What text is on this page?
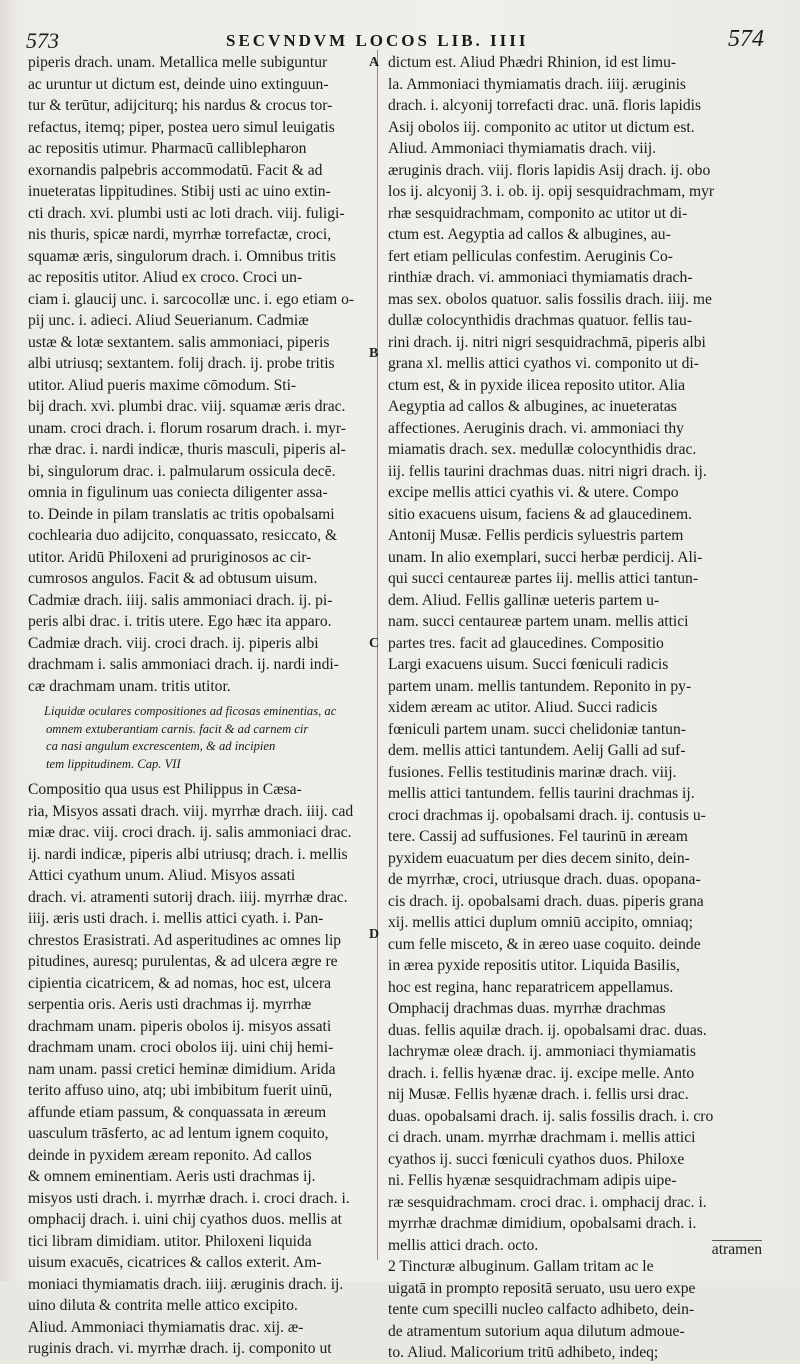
573	SECVNDVM LOCOS LIB. IIII	574
A
B
C
D
piperis drach. unam. Metallica melle subiguntur
ac uruntur ut dictum est, deinde uino extinguun-
tur & terūtur, adijciturq; his nardus & crocus tor-
refactus, itemq; piper, postea uero simul leuigatis
ac repositis utimur. Pharmacū calliblepharon
exornandis palpebris accommodatū. Facit & ad
inueteratas lippitudines. Stibij usti ac uino extin-
cti drach. xvi. plumbi usti ac loti drach. viij. fuligi-
nis thuris, spicæ nardi, myrrhæ torrefactæ, croci,
squamæ æris, singulorum drach. i. Omnibus tritis
ac repositis utitor. Aliud ex croco. Croci un-
ciam i. glaucij unc. i. sarcocollæ unc. i. ego etiam o-
pij unc. i. adieci. Aliud Seuerianum. Cadmiæ
ustæ & lotæ sextantem. salis ammoniaci, piperis
albi utriusq; sextantem. folij drach. ij. probe tritis
utitor. Aliud pueris maxime cōmodum. Sti-
bij drach. xvi. plumbi drac. viij. squamæ æris drac.
unam. croci drach. i. florum rosarum drach. i. myr-
rhæ drac. i. nardi indicæ, thuris masculi, piperis al-
bi, singulorum drac. i. palmularum ossicula decē.
omnia in figulinum uas coniecta diligenter assa-
to. Deinde in pilam translatis ac tritis opobalsami
cochlearia duo adijcito, conquassato, resiccato, &
utitor. Aridū Philoxeni ad pruriginosos ac cir-
cumrosos angulos. Facit & ad obtusum uisum.
Cadmiæ drach. iiij. salis ammoniaci drach. ij. pi-
peris albi drac. i. tritis utere. Ego hæc ita apparo.
Cadmiæ drach. viij. croci drach. ij. piperis albi
drachmam i. salis ammoniaci drach. ij. nardi indi-
cæ drachmam unam. tritis utitor.
Liquidæ oculares compositiones ad ficosas eminentias, ac
omnem extuberantiam carnis. facit & ad carnem cir
ca nasi angulum excrescentem, & ad incipien
tem lippitudinem. Cap. VII
Compositio qua usus est Philippus in Cæsa-
ria, Misyos assati drach. viij. myrrhæ drach. iiij. cad
miæ drac. viij. croci drach. ij. salis ammoniaci drac.
ij. nardi indicæ, piperis albi utriusq; drach. i. mellis
Attici cyathum unum. Aliud. Misyos assati
drach. vi. atramenti sutorij drach. iiij. myrrhæ drac.
iiij. æris usti drach. i. mellis attici cyath. i. Pan-
chrestos Erasistrati. Ad asperitudines ac omnes lip
pitudines, auresq; purulentas, & ad ulcera ægre re
cipientia cicatricem, & ad nomas, hoc est, ulcera
serpentia oris. Aeris usti drachmas ij. myrrhæ
drachmam unam. piperis obolos ij. misyos assati
drachmam unam. croci obolos iij. uini chij hemi-
nam unam. passi cretici heminæ dimidium. Arida
terito affuso uino, atq; ubi imbibitum fuerit uinū,
affunde etiam passum, & conquassata in æreum
uasculum trāsferto, ac ad lentum ignem coquito,
deinde in pyxidem æream reponito. Ad callos
& omnem eminentiam. Aeris usti drachmas ij.
misyos usti drach. i. myrrhæ drach. i. croci drach. i.
omphacij drach. i. uini chij cyathos duos. mellis at
tici libram dimidiam. utitor. Philoxeni liquida
uisum exacuēs, cicatrices & callos exterit. Am-
moniaci thymiamatis drach. iiij. æruginis drach. ij.
uino diluta & contrita melle attico excipito.
Aliud. Ammoniaci thymiamatis drac. xij. æ-
ruginis drach. vi. myrrhæ drach. ij. componito ut
dictum est. Aliud Phædri Rhinion, id est limu-
la. Ammoniaci thymiamatis drach. iiij. æruginis
drach. i. alcyonij torrefacti drac. unā. floris lapidis
Asij obolos iij. componito ac utitor ut dictum est.
Aliud. Ammoniaci thymiamatis drach. viij.
æruginis drach. viij. floris lapidis Asij drach. ij. obo
los ij. alcyonij 3. i. ob. ij. opij sesquidrachmam, myr
rhæ sesquidrachmam, componito ac utitor ut di-
ctum est. Aegyptia ad callos & albugines, au-
fert etiam pelliculas confestim. Aeruginis Co-
rinthiæ drach. vi. ammoniaci thymiamatis drach-
mas sex. obolos quatuor. salis fossilis drach. iiij. me
dullæ colocynthidis drachmas quatuor. fellis tau-
rini drach. ij. nitri nigri sesquidrachmā, piperis albi
grana xl. mellis attici cyathos vi. componito ut di-
ctum est, & in pyxide ilicea reposito utitor. Alia
Aegyptia ad callos & albugines, ac inueteratas
affectiones. Aeruginis drach. vi. ammoniaci thy
miamatis drach. sex. medullæ colocynthidis drac.
iij. fellis taurini drachmas duas. nitri nigri drach. ij.
excipe mellis attici cyathis vi. & utere. Compo
sitio exacuens uisum, faciens & ad glaucedinem.
Antonij Musæ. Fellis perdicis syluestris partem
unam. In alio exemplari, succi herbæ perdicij. Ali-
qui succi centaureæ partes iij. mellis attici tantun-
dem. Aliud. Fellis gallinæ ueteris partem u-
nam. succi centaureæ partem unam. mellis attici
partes tres. facit ad glaucedines. Compositio
Largi exacuens uisum. Succi fœniculi radicis
partem unam. mellis tantundem. Reponito in py-
xidem æream ac utitor. Aliud. Succi radicis
fœniculi partem unam. succi chelidoniæ tantun-
dem. mellis attici tantundem. Aelij Galli ad suf-
fusiones. Fellis testitudinis marinæ drach. viij.
mellis attici tantundem. fellis taurini drachmas ij.
croci drachmas ij. opobalsami drach. ij. contusis u-
tere. Cassij ad suffusiones. Fel taurinū in æream
pyxidem euacuatum per dies decem sinito, dein-
de myrrhæ, croci, utriusque drach. duas. opopana-
cis drach. ij. opobalsami drach. duas. piperis grana
xij. mellis attici duplum omniū accipito, omniaq;
cum felle misceto, & in æreo uase coquito. deinde
in ærea pyxide repositis utitor. Liquida Basilis,
hoc est regina, hanc reparatricem appellamus.
Omphacij drachmas duas. myrrhæ drachmas
duas. fellis aquilæ drach. ij. opobalsami drac. duas.
lachrymæ oleæ drach. ij. ammoniaci thymiamatis
drach. i. fellis hyænæ drac. ij. excipe melle. Anto
nij Musæ. Fellis hyænæ drach. i. fellis ursi drac.
duas. opobalsami drach. ij. salis fossilis drach. i. cro
ci drach. unam. myrrhæ drachmam i. mellis attici
cyathos ij. succi fœniculi cyathos duos. Philoxe
ni. Fellis hyænæ sesquidrachmam adipis uipe-
ræ sesquidrachmam. croci drac. i. omphacij drac. i.
myrrhæ drachmæ dimidium, opobalsami drach. i.
mellis attici drach. octo.
2 Tincturæ albuginum. Gallam tritam ac le
uigatā in prompto repositā seruato, usu uero expe
tente cum specilli nucleo calfacto adhibeto, dein-
de atramentum sutorium aqua dilutum admoue-
to. Aliud. Malicorium tritū adhibeto, indeq;
atramen
